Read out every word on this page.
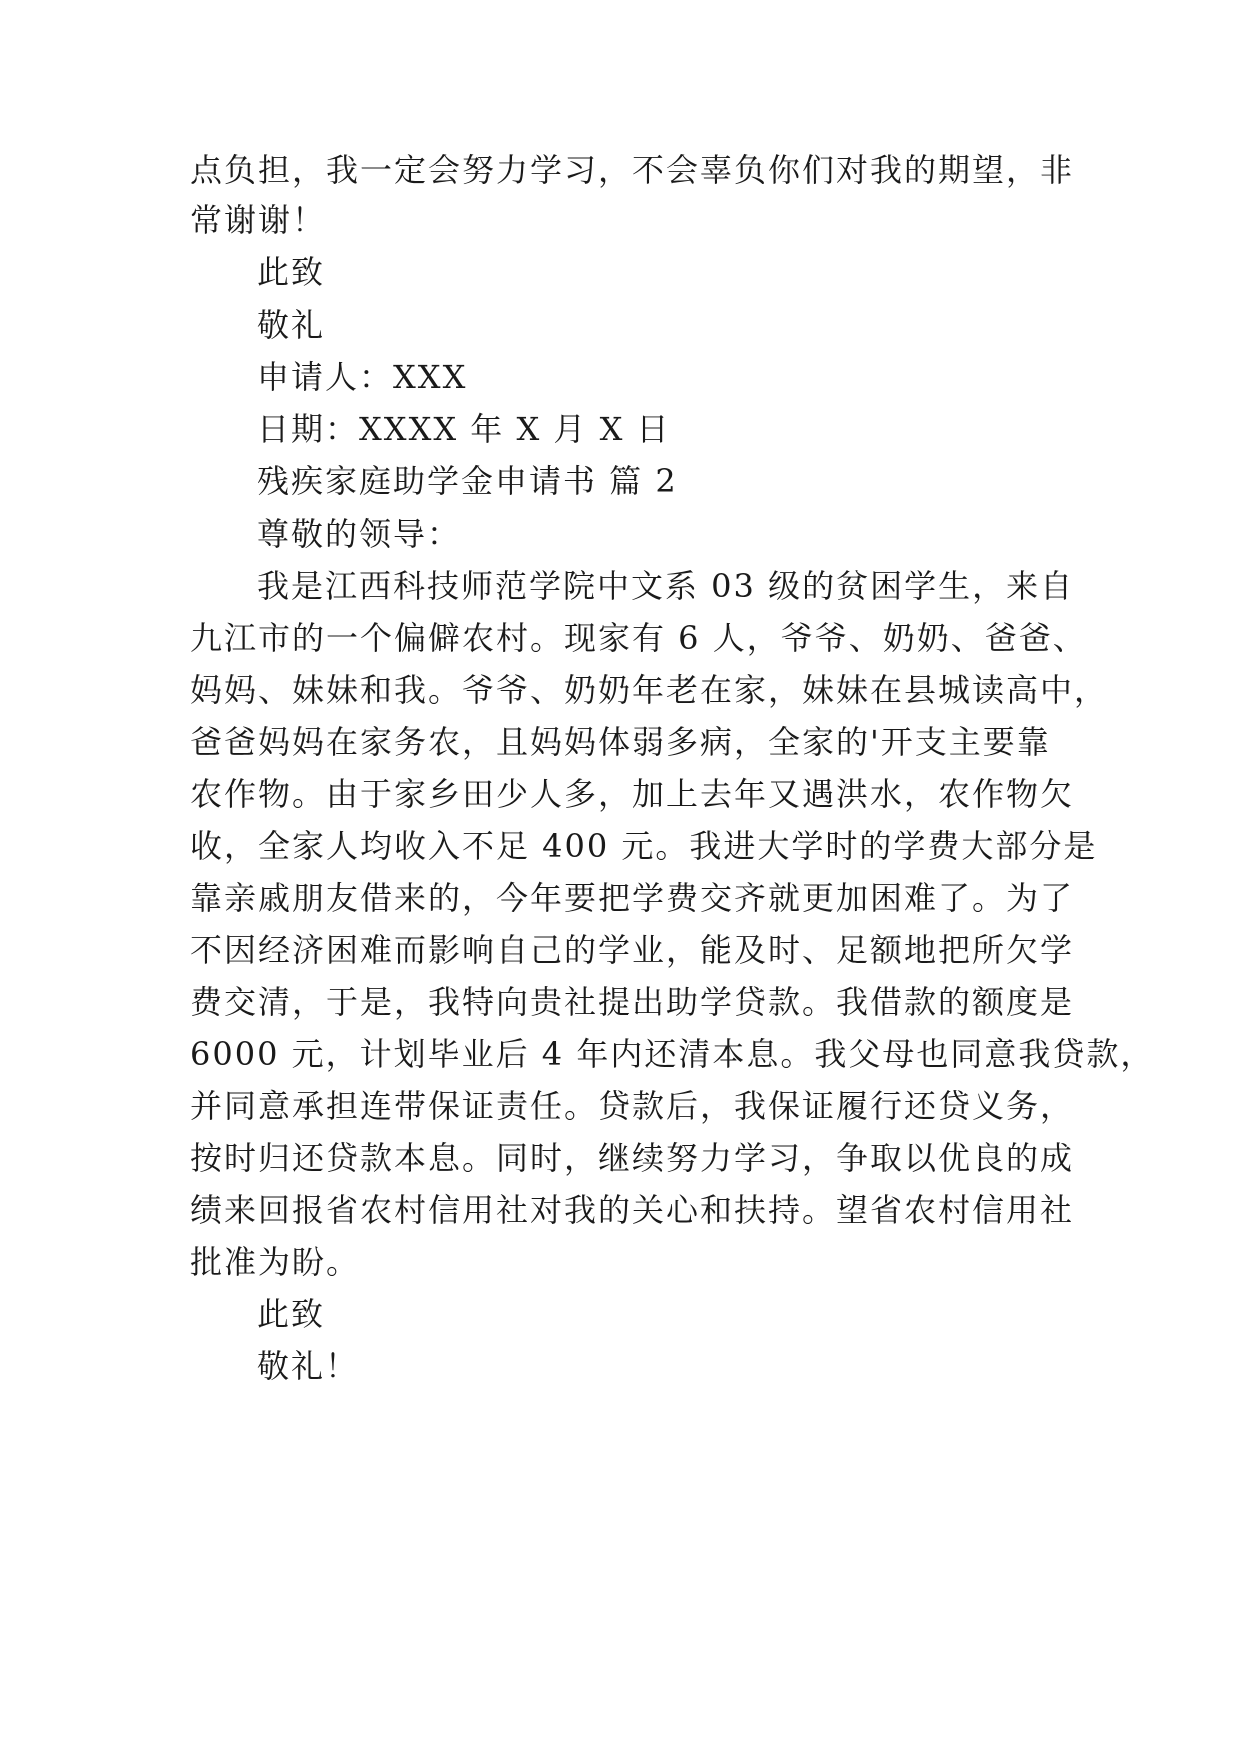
点负担，我一定会努力学习，不会辜负你们对我的期望，非
常谢谢！
此致
敬礼
申请人：XXX
日期：XXXX 年 X 月 X 日
残疾家庭助学金申请书 篇 2
尊敬的领导：
我是江西科技师范学院中文系 03 级的贫困学生，来自
九江市的一个偏僻农村。现家有 6 人，爷爷、奶奶、爸爸、
妈妈、妹妹和我。爷爷、奶奶年老在家，妹妹在县城读高中，
爸爸妈妈在家务农，且妈妈体弱多病，全家的'开支主要靠
农作物。由于家乡田少人多，加上去年又遇洪水，农作物欠
收，全家人均收入不足 400 元。我进大学时的学费大部分是
靠亲戚朋友借来的，今年要把学费交齐就更加困难了。为了
不因经济困难而影响自己的学业，能及时、足额地把所欠学
费交清，于是，我特向贵社提出助学贷款。我借款的额度是
6000 元，计划毕业后 4 年内还清本息。我父母也同意我贷款，
并同意承担连带保证责任。贷款后，我保证履行还贷义务，
按时归还贷款本息。同时，继续努力学习，争取以优良的成
绩来回报省农村信用社对我的关心和扶持。望省农村信用社
批准为盼。
此致
敬礼！
